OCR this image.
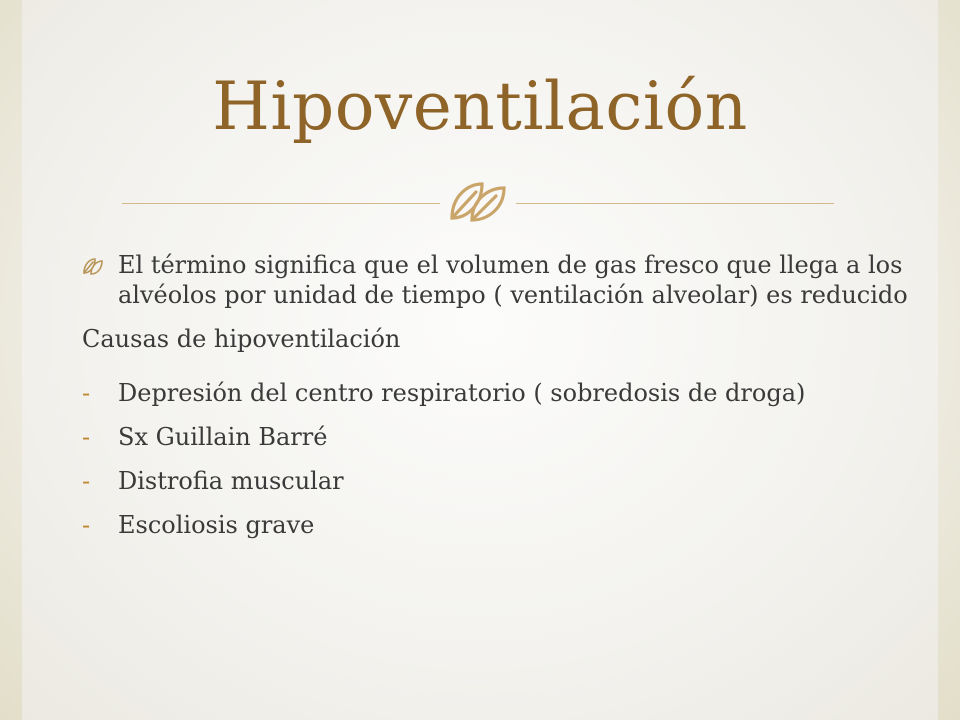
Hipoventilación

El término significa que el volumen de gas fresco que llega a los alvéolos por unidad de tiempo ( ventilación alveolar) es reducido

Causas de hipoventilación

-	Depresión del centro respiratorio ( sobredosis de droga)
-	Sx Guillain Barré
-	Distrofia muscular
-	Escoliosis grave
